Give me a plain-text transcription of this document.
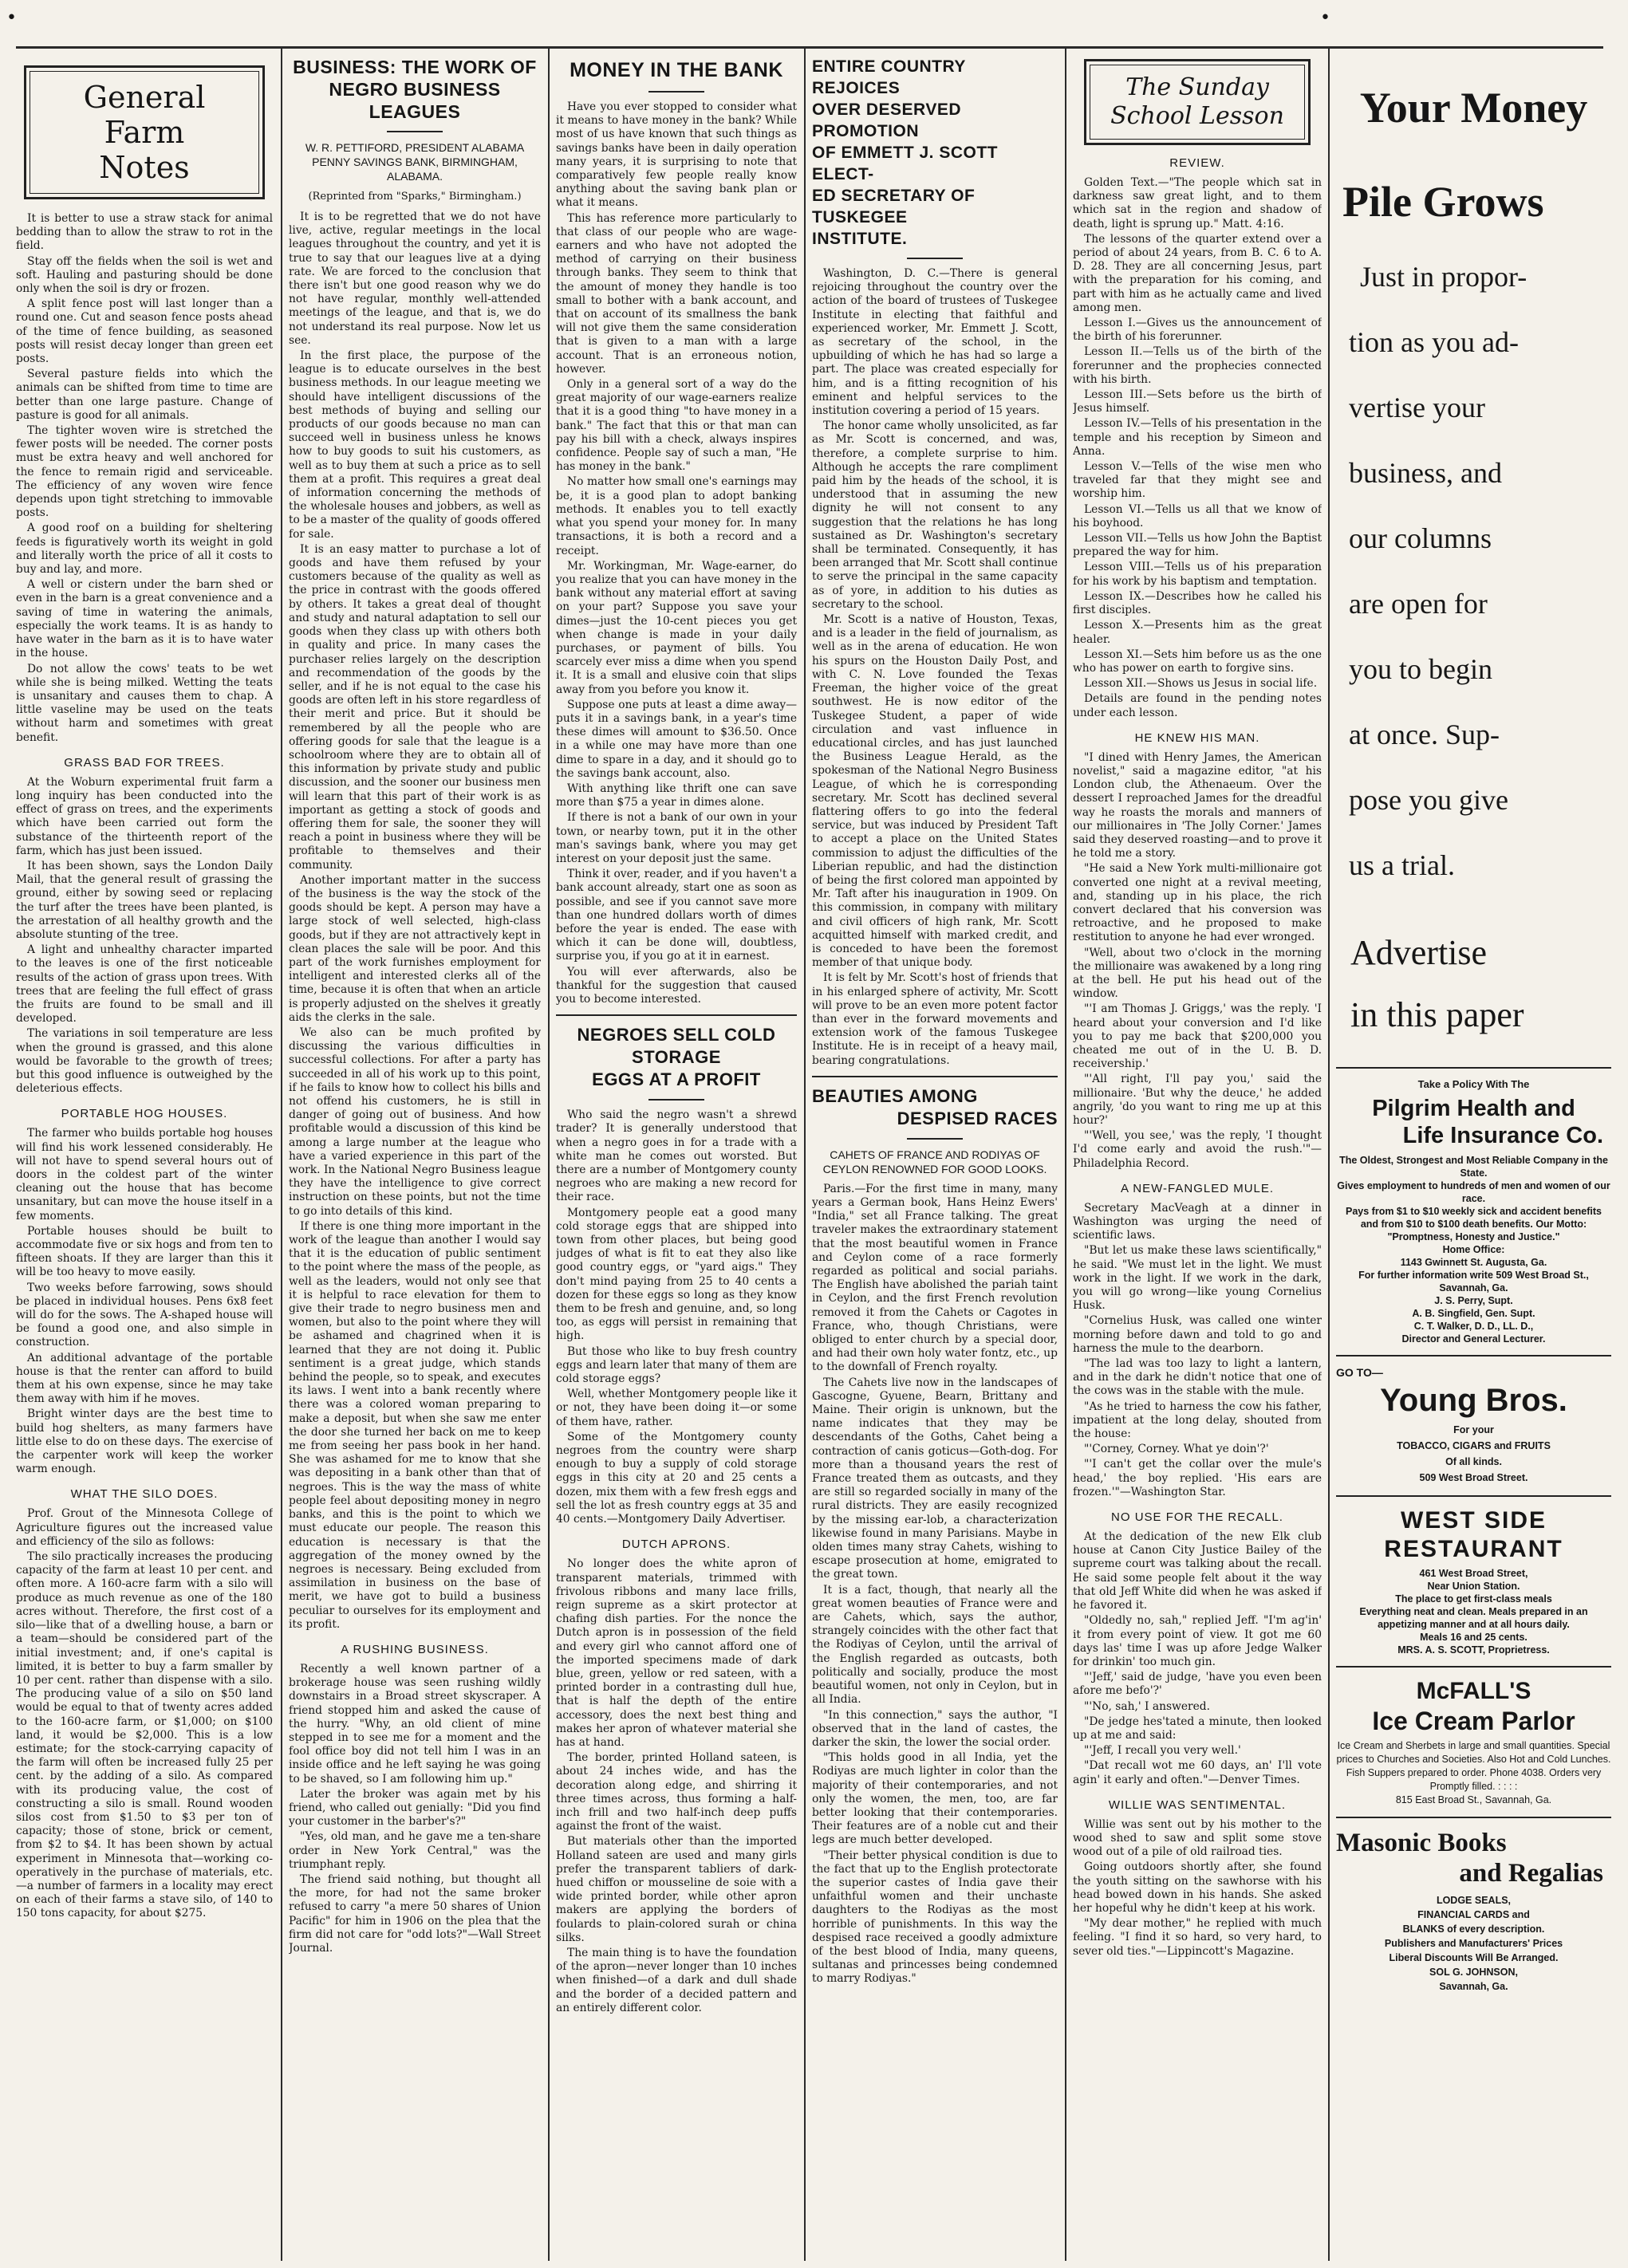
•	•
General
Farm
Notes

It is better to use a straw stack for animal bedding than to allow the straw to rot in the field.

Stay off the fields when the soil is wet and soft. Hauling and pasturing should be done only when the soil is dry or frozen.

A split fence post will last longer than a round one. Cut and season fence posts ahead of the time of fence building, as seasoned posts will resist decay longer than green eet posts.

Several pasture fields into which the animals can be shifted from time to time are better than one large pasture. Change of pasture is good for all animals.

The tighter woven wire is stretched the fewer posts will be needed. The corner posts must be extra heavy and well anchored for the fence to remain rigid and serviceable. The efficiency of any woven wire fence depends upon tight stretching to immovable posts.

A good roof on a building for sheltering feeds is figuratively worth its weight in gold and literally worth the price of all it costs to buy and lay, and more.

A well or cistern under the barn shed or even in the barn is a great convenience and a saving of time in watering the animals, especially the work teams. It is as handy to have water in the barn as it is to have water in the house.

Do not allow the cows' teats to be wet while she is being milked. Wetting the teats is unsanitary and causes them to chap. A little vaseline may be used on the teats without harm and sometimes with great benefit.

GRASS BAD FOR TREES.

At the Woburn experimental fruit farm a long inquiry has been conducted into the effect of grass on trees, and the experiments which have been carried out form the substance of the thirteenth report of the farm, which has just been issued.

It has been shown, says the London Daily Mail, that the general result of grassing the ground, either by sowing seed or replacing the turf after the trees have been planted, is the arrestation of all healthy growth and the absolute stunting of the tree.

A light and unhealthy character imparted to the leaves is one of the first noticeable results of the action of grass upon trees. With trees that are feeling the full effect of grass the fruits are found to be small and ill developed.

The variations in soil temperature are less when the ground is grassed, and this alone would be favorable to the growth of trees; but this good influence is outweighed by the deleterious effects.

PORTABLE HOG HOUSES.

The farmer who builds portable hog houses will find his work lessened considerably. He will not have to spend several hours out of doors in the coldest part of the winter cleaning out the house that has become unsanitary, but can move the house itself in a few moments.

Portable houses should be built to accommodate five or six hogs and from ten to fifteen shoats. If they are larger than this it will be too heavy to move easily.

Two weeks before farrowing, sows should be placed in individual houses. Pens 6x8 feet will do for the sows. The A-shaped house will be found a good one, and also simple in construction.

An additional advantage of the portable house is that the renter can afford to build them at his own expense, since he may take them away with him if he moves.

Bright winter days are the best time to build hog shelters, as many farmers have little else to do on these days. The exercise of the carpenter work will keep the worker warm enough.

WHAT THE SILO DOES.

Prof. Grout of the Minnesota College of Agriculture figures out the increased value and efficiency of the silo as follows:

The silo practically increases the producing capacity of the farm at least 10 per cent. and often more. A 160-acre farm with a silo will produce as much revenue as one of the 180 acres without. Therefore, the first cost of a silo—like that of a dwelling house, a barn or a team—should be considered part of the initial investment; and, if one's capital is limited, it is better to buy a farm smaller by 10 per cent. rather than dispense with a silo. The producing value of a silo on $50 land would be equal to that of twenty acres added to the 160-acre farm, or $1,000; on $100 land, it would be $2,000. This is a low estimate; for the stock-carrying capacity of the farm will often be increased fully 25 per cent. by the adding of a silo. As compared with its producing value, the cost of constructing a silo is small. Round wooden silos cost from $1.50 to $3 per ton of capacity; those of stone, brick or cement, from $2 to $4. It has been shown by actual experiment in Minnesota that—working co-operatively in the purchase of materials, etc.—a number of farmers in a locality may erect on each of their farms a stave silo, of 140 to 150 tons capacity, for about $275.

BUSINESS: THE WORK OF
NEGRO BUSINESS LEAGUES
W. R. PETTIFORD, PRESIDENT ALABAMA PENNY SAVINGS BANK, BIRMINGHAM, ALABAMA.
(Reprinted from "Sparks," Birmingham.)

It is to be regretted that we do not have live, active, regular meetings in the local leagues throughout the country, and yet it is true to say that our leagues live at a dying rate. We are forced to the conclusion that there isn't but one good reason why we do not have regular, monthly well-attended meetings of the league, and that is, we do not understand its real purpose. Now let us see.

In the first place, the purpose of the league is to educate ourselves in the best business methods. In our league meeting we should have intelligent discussions of the best methods of buying and selling our products of our goods because no man can succeed well in business unless he knows how to buy goods to suit his customers, as well as to buy them at such a price as to sell them at a profit. This requires a great deal of information concerning the methods of the wholesale houses and jobbers, as well as to be a master of the quality of goods offered for sale.

It is an easy matter to purchase a lot of goods and have them refused by your customers because of the quality as well as the price in contrast with the goods offered by others. It takes a great deal of thought and study and natural adaptation to sell our goods when they class up with others both in quality and price. In many cases the purchaser relies largely on the description and recommendation of the goods by the seller, and if he is not equal to the case his goods are often left in his store regardless of their merit and price. But it should be remembered by all the people who are offering goods for sale that the league is a schoolroom where they are to obtain all of this information by private study and public discussion, and the sooner our business men will learn that this part of their work is as important as getting a stock of goods and offering them for sale, the sooner they will reach a point in business where they will be profitable to themselves and their community.

Another important matter in the success of the business is the way the stock of the goods should be kept. A person may have a large stock of well selected, high-class goods, but if they are not attractively kept in clean places the sale will be poor. And this part of the work furnishes employment for intelligent and interested clerks all of the time, because it is often that when an article is properly adjusted on the shelves it greatly aids the clerks in the sale.

We also can be much profited by discussing the various difficulties in successful collections. For after a party has succeeded in all of his work up to this point, if he fails to know how to collect his bills and not offend his customers, he is still in danger of going out of business. And how profitable would a discussion of this kind be among a large number at the league who have a varied experience in this part of the work. In the National Negro Business league they have the intelligence to give correct instruction on these points, but not the time to go into details of this kind.

If there is one thing more important in the work of the league than another I would say that it is the education of public sentiment to the point where the mass of the people, as well as the leaders, would not only see that it is helpful to race elevation for them to give their trade to negro business men and women, but also to the point where they will be ashamed and chagrined when it is learned that they are not doing it. Public sentiment is a great judge, which stands behind the people, so to speak, and executes its laws. I went into a bank recently where there was a colored woman preparing to make a deposit, but when she saw me enter the door she turned her back on me to keep me from seeing her pass book in her hand. She was ashamed for me to know that she was depositing in a bank other than that of negroes. This is the way the mass of white people feel about depositing money in negro banks, and this is the point to which we must educate our people. The reason this education is necessary is that the aggregation of the money owned by the negroes is necessary. Being excluded from assimilation in business on the base of merit, we have got to build a business peculiar to ourselves for its employment and its profit.

A RUSHING BUSINESS.

Recently a well known partner of a brokerage house was seen rushing wildly downstairs in a Broad street skyscraper. A friend stopped him and asked the cause of the hurry. "Why, an old client of mine stepped in to see me for a moment and the fool office boy did not tell him I was in an inside office and he left saying he was going to be shaved, so I am following him up."

Later the broker was again met by his friend, who called out genially: "Did you find your customer in the barber's?"

"Yes, old man, and he gave me a ten-share order in New York Central," was the triumphant reply.

The friend said nothing, but thought all the more, for had not the same broker refused to carry "a mere 50 shares of Union Pacific" for him in 1906 on the plea that the firm did not care for "odd lots?"—Wall Street Journal.

MONEY IN THE BANK

Have you ever stopped to consider what it means to have money in the bank? While most of us have known that such things as savings banks have been in daily operation many years, it is surprising to note that comparatively few people really know anything about the saving bank plan or what it means.

This has reference more particularly to that class of our people who are wage-earners and who have not adopted the method of carrying on their business through banks. They seem to think that the amount of money they handle is too small to bother with a bank account, and that on account of its smallness the bank will not give them the same consideration that is given to a man with a large account. That is an erroneous notion, however.

Only in a general sort of a way do the great majority of our wage-earners realize that it is a good thing "to have money in a bank." The fact that this or that man can pay his bill with a check, always inspires confidence. People say of such a man, "He has money in the bank."

No matter how small one's earnings may be, it is a good plan to adopt banking methods. It enables you to tell exactly what you spend your money for. In many transactions, it is both a record and a receipt.

Mr. Workingman, Mr. Wage-earner, do you realize that you can have money in the bank without any material effort at saving on your part? Suppose you save your dimes—just the 10-cent pieces you get when change is made in your daily purchases, or payment of bills. You scarcely ever miss a dime when you spend it. It is a small and elusive coin that slips away from you before you know it.

Suppose one puts at least a dime away—puts it in a savings bank, in a year's time these dimes will amount to $36.50. Once in a while one may have more than one dime to spare in a day, and it should go to the savings bank account, also.

With anything like thrift one can save more than $75 a year in dimes alone.

If there is not a bank of our own in your town, or nearby town, put it in the other man's savings bank, where you may get interest on your deposit just the same.

Think it over, reader, and if you haven't a bank account already, start one as soon as possible, and see if you cannot save more than one hundred dollars worth of dimes before the year is ended. The ease with which it can be done will, doubtless, surprise you, if you go at it in earnest.

You will ever afterwards, also be thankful for the suggestion that caused you to become interested.

NEGROES SELL COLD STORAGE
EGGS AT A PROFIT

Who said the negro wasn't a shrewd trader? It is generally understood that when a negro goes in for a trade with a white man he comes out worsted. But there are a number of Montgomery county negroes who are making a new record for their race.

Montgomery people eat a good many cold storage eggs that are shipped into town from other places, but being good judges of what is fit to eat they also like good country eggs, or "yard aigs." They don't mind paying from 25 to 40 cents a dozen for these eggs so long as they know them to be fresh and genuine, and, so long too, as eggs will persist in remaining that high.

But those who like to buy fresh country eggs and learn later that many of them are cold storage eggs?

Well, whether Montgomery people like it or not, they have been doing it—or some of them have, rather.

Some of the Montgomery county negroes from the country were sharp enough to buy a supply of cold storage eggs in this city at 20 and 25 cents a dozen, mix them with a few fresh eggs and sell the lot as fresh country eggs at 35 and 40 cents.—Montgomery Daily Advertiser.

DUTCH APRONS.

No longer does the white apron of transparent materials, trimmed with frivolous ribbons and many lace frills, reign supreme as a skirt protector at chafing dish parties. For the nonce the Dutch apron is in possession of the field and every girl who cannot afford one of the imported specimens made of dark blue, green, yellow or red sateen, with a printed border in a contrasting dull hue, that is half the depth of the entire accessory, does the next best thing and makes her apron of whatever material she has at hand.

The border, printed Holland sateen, is about 24 inches wide, and has the decoration along edge, and shirring it three times across, thus forming a half-inch frill and two half-inch deep puffs against the front of the waist.

But materials other than the imported Holland sateen are used and many girls prefer the transparent tabliers of dark-hued chiffon or mousseline de soie with a wide printed border, while other apron makers are applying the borders of foulards to plain-colored surah or china silks.

The main thing is to have the foundation of the apron—never longer than 10 inches when finished—of a dark and dull shade and the border of a decided pattern and an entirely different color.

ENTIRE COUNTRY REJOICES
OVER DESERVED PROMOTION
OF EMMETT J. SCOTT ELECT-
ED SECRETARY OF TUSKEGEE
INSTITUTE.

Washington, D. C.—There is general rejoicing throughout the country over the action of the board of trustees of Tuskegee Institute in electing that faithful and experienced worker, Mr. Emmett J. Scott, as secretary of the school, in the upbuilding of which he has had so large a part. The place was created especially for him, and is a fitting recognition of his eminent and helpful services to the institution covering a period of 15 years.

The honor came wholly unsolicited, as far as Mr. Scott is concerned, and was, therefore, a complete surprise to him. Although he accepts the rare compliment paid him by the heads of the school, it is understood that in assuming the new dignity he will not consent to any suggestion that the relations he has long sustained as Dr. Washington's secretary shall be terminated. Consequently, it has been arranged that Mr. Scott shall continue to serve the principal in the same capacity as of yore, in addition to his duties as secretary to the school.

Mr. Scott is a native of Houston, Texas, and is a leader in the field of journalism, as well as in the arena of education. He won his spurs on the Houston Daily Post, and with C. N. Love founded the Texas Freeman, the higher voice of the great southwest. He is now editor of the Tuskegee Student, a paper of wide circulation and vast influence in educational circles, and has just launched the Business League Herald, as the spokesman of the National Negro Business League, of which he is corresponding secretary. Mr. Scott has declined several flattering offers to go into the federal service, but was induced by President Taft to accept a place on the United States commission to adjust the difficulties of the Liberian republic, and had the distinction of being the first colored man appointed by Mr. Taft after his inauguration in 1909. On this commission, in company with military and civil officers of high rank, Mr. Scott acquitted himself with marked credit, and is conceded to have been the foremost member of that unique body.

It is felt by Mr. Scott's host of friends that in his enlarged sphere of activity, Mr. Scott will prove to be an even more potent factor than ever in the forward movements and extension work of the famous Tuskegee Institute. He is in receipt of a heavy mail, bearing congratulations.

BEAUTIES AMONG
DESPISED RACES
CAHETS OF FRANCE AND RODIYAS OF CEYLON RENOWNED FOR GOOD LOOKS.

Paris.—For the first time in many, many years a German book, Hans Heinz Ewers' "India," set all France talking. The great traveler makes the extraordinary statement that the most beautiful women in France and Ceylon come of a race formerly regarded as political and social pariahs. The English have abolished the pariah taint in Ceylon, and the first French revolution removed it from the Cahets or Cagotes in France, who, though Christians, were obliged to enter church by a special door, and had their own holy water fontz, etc., up to the downfall of French royalty.

The Cahets live now in the landscapes of Gascogne, Gyuene, Bearn, Brittany and Maine. Their origin is unknown, but the name indicates that they may be descendants of the Goths, Cahet being a contraction of canis goticus—Goth-dog. For more than a thousand years the rest of France treated them as outcasts, and they are still so regarded socially in many of the rural districts. They are easily recognized by the missing ear-lob, a characterization likewise found in many Parisians. Maybe in olden times many stray Cahets, wishing to escape prosecution at home, emigrated to the great town.

It is a fact, though, that nearly all the great women beauties of France were and are Cahets, which, says the author, strangely coincides with the other fact that the Rodiyas of Ceylon, until the arrival of the English regarded as outcasts, both politically and socially, produce the most beautiful women, not only in Ceylon, but in all India.

"In this connection," says the author, "I observed that in the land of castes, the darker the skin, the lower the social order.

"This holds good in all India, yet the Rodiyas are much lighter in color than the majority of their contemporaries, and not only the women, the men, too, are far better looking that their contemporaries. Their features are of a noble cut and their legs are much better developed.

"Their better physical condition is due to the fact that up to the English protectorate the superior castes of India gave their unfaithful women and their unchaste daughters to the Rodiyas as the most horrible of punishments. In this way the despised race received a goodly admixture of the best blood of India, many queens, sultanas and princesses being condemned to marry Rodiyas."

The Sunday
School Lesson
REVIEW.

Golden Text.—"The people which sat in darkness saw great light, and to them which sat in the region and shadow of death, light is sprung up." Matt. 4:16.

The lessons of the quarter extend over a period of about 24 years, from B. C. 6 to A. D. 28. They are all concerning Jesus, part with the preparation for his coming, and part with him as he actually came and lived among men.

Lesson I.—Gives us the announcement of the birth of his forerunner.

Lesson II.—Tells us of the birth of the forerunner and the prophecies connected with his birth.

Lesson III.—Sets before us the birth of Jesus himself.

Lesson IV.—Tells of his presentation in the temple and his reception by Simeon and Anna.

Lesson V.—Tells of the wise men who traveled far that they might see and worship him.

Lesson VI.—Tells us all that we know of his boyhood.

Lesson VII.—Tells us how John the Baptist prepared the way for him.

Lesson VIII.—Tells us of his preparation for his work by his baptism and temptation.

Lesson IX.—Describes how he called his first disciples.

Lesson X.—Presents him as the great healer.

Lesson XI.—Sets him before us as the one who has power on earth to forgive sins.

Lesson XII.—Shows us Jesus in social life.

Details are found in the pending notes under each lesson.

HE KNEW HIS MAN.

"I dined with Henry James, the American novelist," said a magazine editor, "at his London club, the Athenaeum. Over the dessert I reproached James for the dreadful way he roasts the morals and manners of our millionaires in 'The Jolly Corner.' James said they deserved roasting—and to prove it he told me a story.

"He said a New York multi-millionaire got converted one night at a revival meeting, and, standing up in his place, the rich convert declared that his conversion was retroactive, and he proposed to make restitution to anyone he had ever wronged.

"Well, about two o'clock in the morning the millionaire was awakened by a long ring at the bell. He put his head out of the window.

"'I am Thomas J. Griggs,' was the reply. 'I heard about your conversion and I'd like you to pay me back that $200,000 you cheated me out of in the U. B. D. receivership.'

"'All right, I'll pay you,' said the millionaire. 'But why the deuce,' he added angrily, 'do you want to ring me up at this hour?'

"'Well, you see,' was the reply, 'I thought I'd come early and avoid the rush.'"—Philadelphia Record.

A NEW-FANGLED MULE.

Secretary MacVeagh at a dinner in Washington was urging the need of scientific laws.

"But let us make these laws scientifically," he said. "We must let in the light. We must work in the light. If we work in the dark, you will go wrong—like young Cornelius Husk.

"Cornelius Husk, was called one winter morning before dawn and told to go and harness the mule to the dearborn.

"The lad was too lazy to light a lantern, and in the dark he didn't notice that one of the cows was in the stable with the mule.

"As he tried to harness the cow his father, impatient at the long delay, shouted from the house:

"'Corney, Corney. What ye doin'?'

"'I can't get the collar over the mule's head,' the boy replied. 'His ears are frozen.'"—Washington Star.

NO USE FOR THE RECALL.

At the dedication of the new Elk club house at Canon City Justice Bailey of the supreme court was talking about the recall. He said some people felt about it the way that old Jeff White did when he was asked if he favored it.

"Oldedly no, sah," replied Jeff. "I'm ag'in' it from every point of view. It got me 60 days las' time I was up afore Jedge Walker for drinkin' too much gin.

"'Jeff,' said de judge, 'have you even been afore me befo'?'

"'No, sah,' I answered.

"De jedge hes'tated a minute, then looked up at me and said:

"'Jeff, I recall you very well.'

"Dat recall wot me 60 days, an' I'll vote agin' it early and often."—Denver Times.

WILLIE WAS SENTIMENTAL.

Willie was sent out by his mother to the wood shed to saw and split some stove wood out of a pile of old railroad ties.

Going outdoors shortly after, she found the youth sitting on the sawhorse with his head bowed down in his hands. She asked her hopeful why he didn't keep at his work.

"My dear mother," he replied with much feeling. "I find it so hard, so very hard, to sever old ties."—Lippincott's Magazine.

Your Money
Pile Grows
Just in propor-
tion as you ad-
vertise your
business, and
our columns
are open for
you to begin
at once. Sup-
pose you give
us a trial.
Advertise
in this paper
Take a Policy With The
Pilgrim Health and
Life Insurance Co.
The Oldest, Strongest and Most Reliable Company in the State.
Gives employment to hundreds of men and women of our race.
Pays from $1 to $10 weekly sick and accident benefits and from $10 to $100 death benefits. Our Motto: "Promptness, Honesty and Justice."
Home Office:
1143 Gwinnett St. Augusta, Ga.
For further information write 509 West Broad St., Savannah, Ga.
J. S. Perry, Supt.
A. B. Singfield, Gen. Supt.
C. T. Walker, D. D., LL. D.,
Director and General Lecturer.
GO TO—
Young Bros.
For your
TOBACCO, CIGARS and FRUITS
Of all kinds.
509 West Broad Street.
WEST SIDE
RESTAURANT
461 West Broad Street,
Near Union Station.
The place to get first-class meals
Everything neat and clean. Meals prepared in an appetizing manner and at all hours daily.
Meals 16 and 25 cents.
MRS. A. S. SCOTT, Proprietress.
McFALL'S
Ice Cream Parlor
Ice Cream and Sherbets in large and small quantities. Special prices to Churches and Societies. Also Hot and Cold Lunches. Fish Suppers prepared to order. Phone 4038. Orders very Promptly filled. : : : :
815 East Broad St., Savannah, Ga.
Masonic Books
and Regalias
LODGE SEALS,
FINANCIAL CARDS and
BLANKS of every description.
Publishers and Manufacturers' Prices
Liberal Discounts Will Be Arranged.
SOL G. JOHNSON,
Savannah, Ga.
